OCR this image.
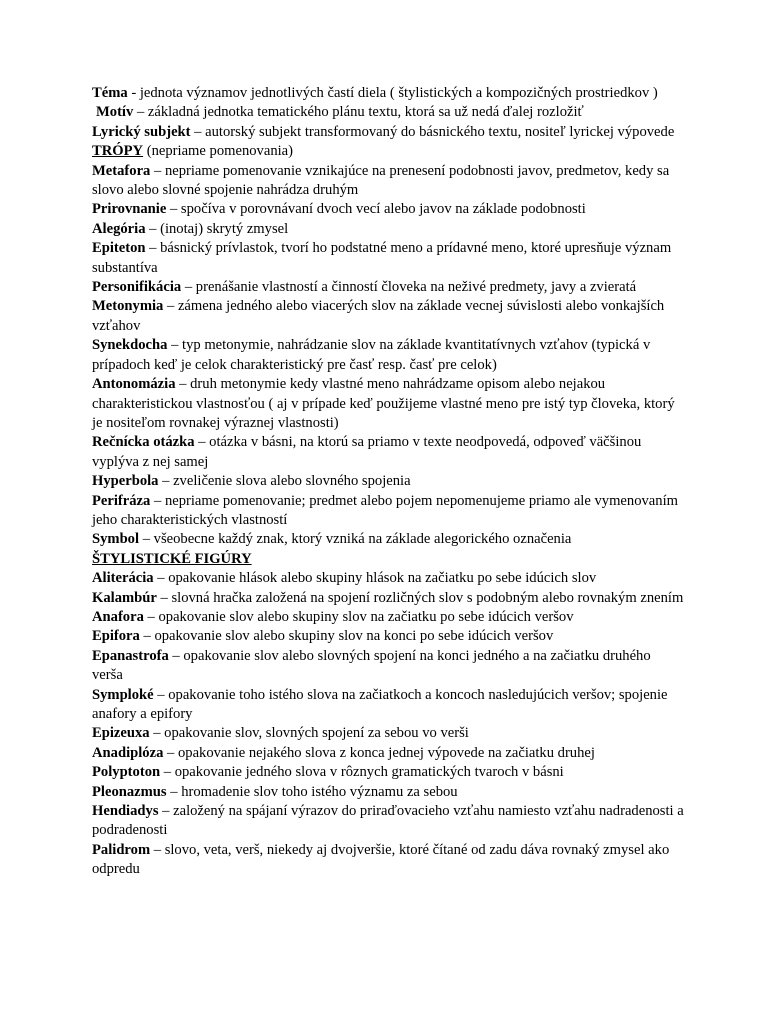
Téma - jednota významov jednotlivých častí diela ( štylistických a kompozičných prostriedkov )

Motív – základná jednotka tematického plánu textu, ktorá sa už nedá ďalej rozložiť

Lyrický subjekt – autorský subjekt transformovaný do básnického textu, nositeľ lyrickej výpovede

TRÓPY (nepriame pomenovania)

Metafora – nepriame pomenovanie vznikajúce na prenesení podobnosti javov, predmetov, kedy sa slovo alebo slovné spojenie nahrádza druhým

Prirovnanie – spočíva v porovnávaní dvoch vecí alebo javov na základe podobnosti

Alegória – (inotaj) skrytý zmysel

Epiteton – básnický prívlastok, tvorí ho podstatné meno a prídavné meno, ktoré upresňuje význam substantíva

Personifikácia – prenášanie vlastností a činností človeka na neživé predmety, javy a zvieratá

Metonymia – zámena jedného alebo viacerých slov na základe vecnej súvislosti alebo vonkajších vzťahov

Synekdocha – typ metonymie, nahrádzanie slov na základe kvantitatívnych vzťahov (typická v prípadoch keď je celok charakteristický pre časť resp. časť pre celok)

Antonomázia – druh metonymie kedy vlastné meno nahrádzame opisom alebo nejakou charakteristickou vlastnosťou ( aj v prípade keď použijeme vlastné meno pre istý typ človeka, ktorý je nositeľom rovnakej výraznej vlastnosti)

Rečnícka otázka – otázka v básni, na ktorú sa priamo v texte neodpovedá, odpoveď väčšinou vyplýva z nej samej

Hyperbola – zveličenie slova alebo slovného spojenia

Perifráza – nepriame pomenovanie; predmet alebo pojem nepomenujeme priamo ale vymenovaním jeho charakteristických vlastností

Symbol – všeobecne každý znak, ktorý vzniká na základe alegorického označenia

ŠTYLISTICKÉ FIGÚRY

Aliterácia – opakovanie hlások alebo skupiny hlások na začiatku po sebe idúcich slov

Kalambúr – slovná hračka založená na spojení rozličných slov s podobným alebo rovnakým znením

Anafora – opakovanie slov alebo skupiny slov na začiatku po sebe idúcich veršov

Epifora – opakovanie slov alebo skupiny slov na konci po sebe idúcich veršov

Epanastrofa – opakovanie slov alebo slovných spojení na konci jedného a na začiatku druhého verša

Symploké – opakovanie toho istého slova na začiatkoch a koncoch nasledujúcich veršov; spojenie anafory a epifory

Epizeuxa – opakovanie slov, slovných spojení za sebou vo verši

Anadiplóza – opakovanie nejakého slova z konca jednej výpovede na začiatku druhej

Polyptoton – opakovanie jedného slova v rôznych gramatických tvaroch v básni

Pleonazmus – hromadenie slov toho istého významu za sebou

Hendiadys – založený na spájaní výrazov do priraďovacieho vzťahu namiesto vzťahu nadradenosti a podradenosti

Palidrom – slovo, veta, verš, niekedy aj dvojveršie, ktoré čítané od zadu dáva rovnaký zmysel ako odpredu
